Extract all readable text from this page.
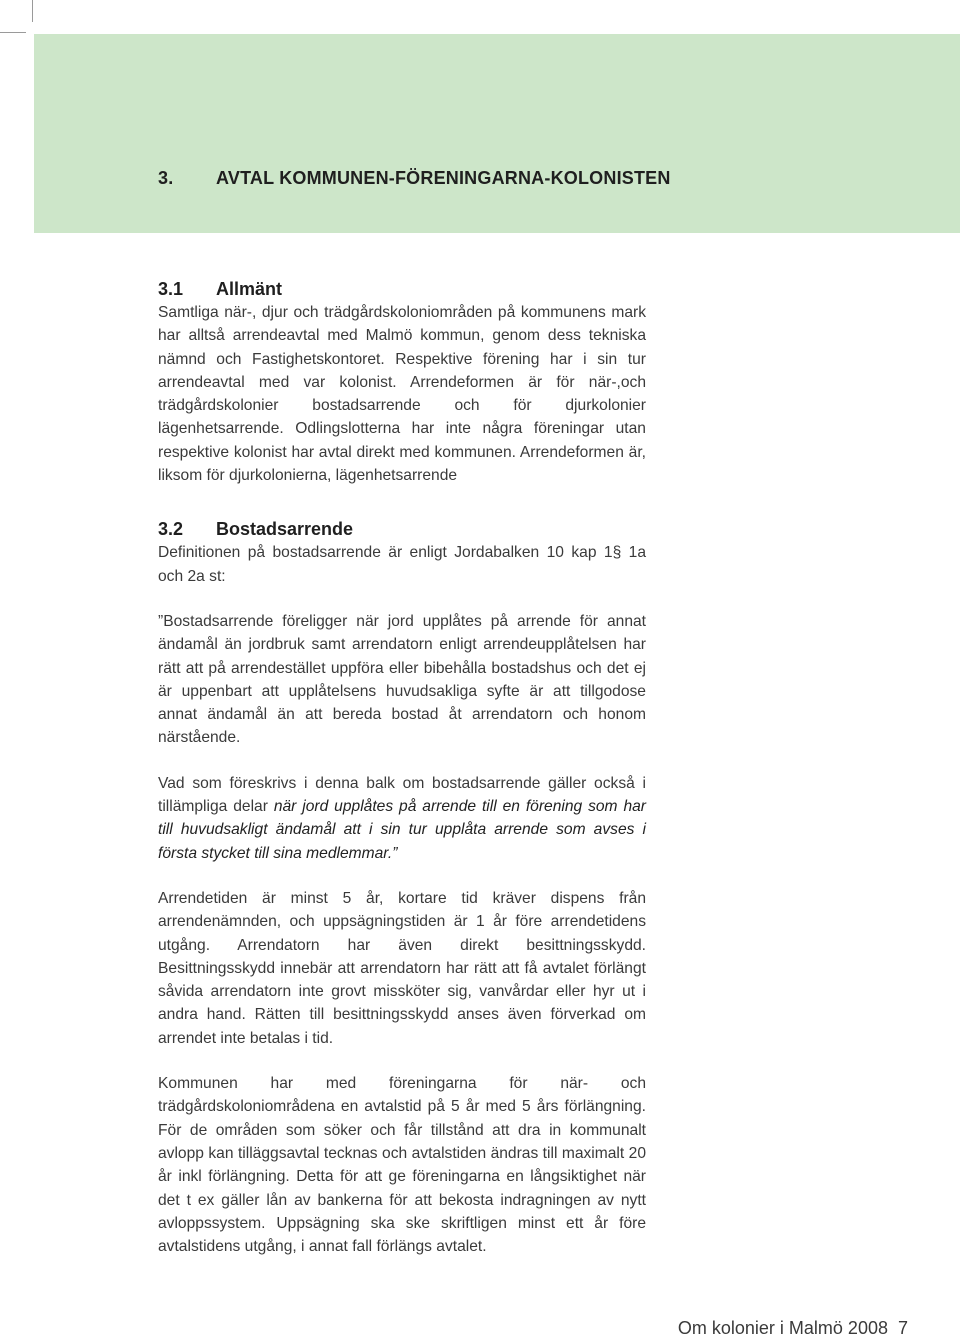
3. AVTAL KOMMUNEN-FÖRENINGARNA-KOLONISTEN
3.1 Allmänt

Samtliga när-, djur och trädgårdskoloniområden på kommunens mark har alltså arrendeavtal med Malmö kommun, genom dess tekniska nämnd och Fastighetskontoret. Respektive förening har i sin tur arrendeavtal med var kolonist. Arrendeformen är för när-,och trädgårdskolonier bostadsarrende och för djurkolonier lägenhetsarrende. Odlingslotterna har inte några föreningar utan respektive kolonist har avtal direkt med kommunen. Arrendeformen är, liksom för djurkolonierna, lägenhetsarrende

3.2 Bostadsarrende

Definitionen på bostadsarrende är enligt Jordabalken 10 kap 1§ 1a och 2a st:

”Bostadsarrende föreligger när jord upplåtes på arrende för annat ändamål än jordbruk samt arrendatorn enligt arrendeupplåtelsen har rätt att på arrendestället uppföra eller bibehålla bostadshus och det ej är uppenbart att upplåtelsens huvudsakliga syfte är att tillgodose annat ändamål än att bereda bostad åt arrendatorn och honom närstående.

Vad som föreskrivs i denna balk om bostadsarrende gäller också i tillämpliga delar när jord upplåtes på arrende till en förening som har till huvudsakligt ändamål att i sin tur upplåta arrende som avses i första stycket till sina medlemmar.”

Arrendetiden är minst 5 år, kortare tid kräver dispens från arrendenämnden, och uppsägningstiden är 1 år före arrendetidens utgång. Arrendatorn har även direkt besittningsskydd. Besittningsskydd innebär att arrendatorn har rätt att få avtalet förlängt såvida arrendatorn inte grovt missköter sig, vanvårdar eller hyr ut i andra hand. Rätten till besittningsskydd anses även förverkad om arrendet inte betalas i tid.

Kommunen har med föreningarna för när- och trädgårdskoloniområdena en avtalstid på 5 år med 5 års förlängning. För de områden som söker och får tillstånd att dra in kommunalt avlopp kan tilläggsavtal tecknas och avtalstiden ändras till maximalt 20 år inkl förlängning. Detta för att ge föreningarna en långsiktighet när det t ex gäller lån av bankerna för att bekosta indragningen av nytt avloppssystem. Uppsägning ska ske skriftligen minst ett år före avtalstidens utgång, i annat fall förlängs avtalet.

Om kolonier i Malmö 2008 7
